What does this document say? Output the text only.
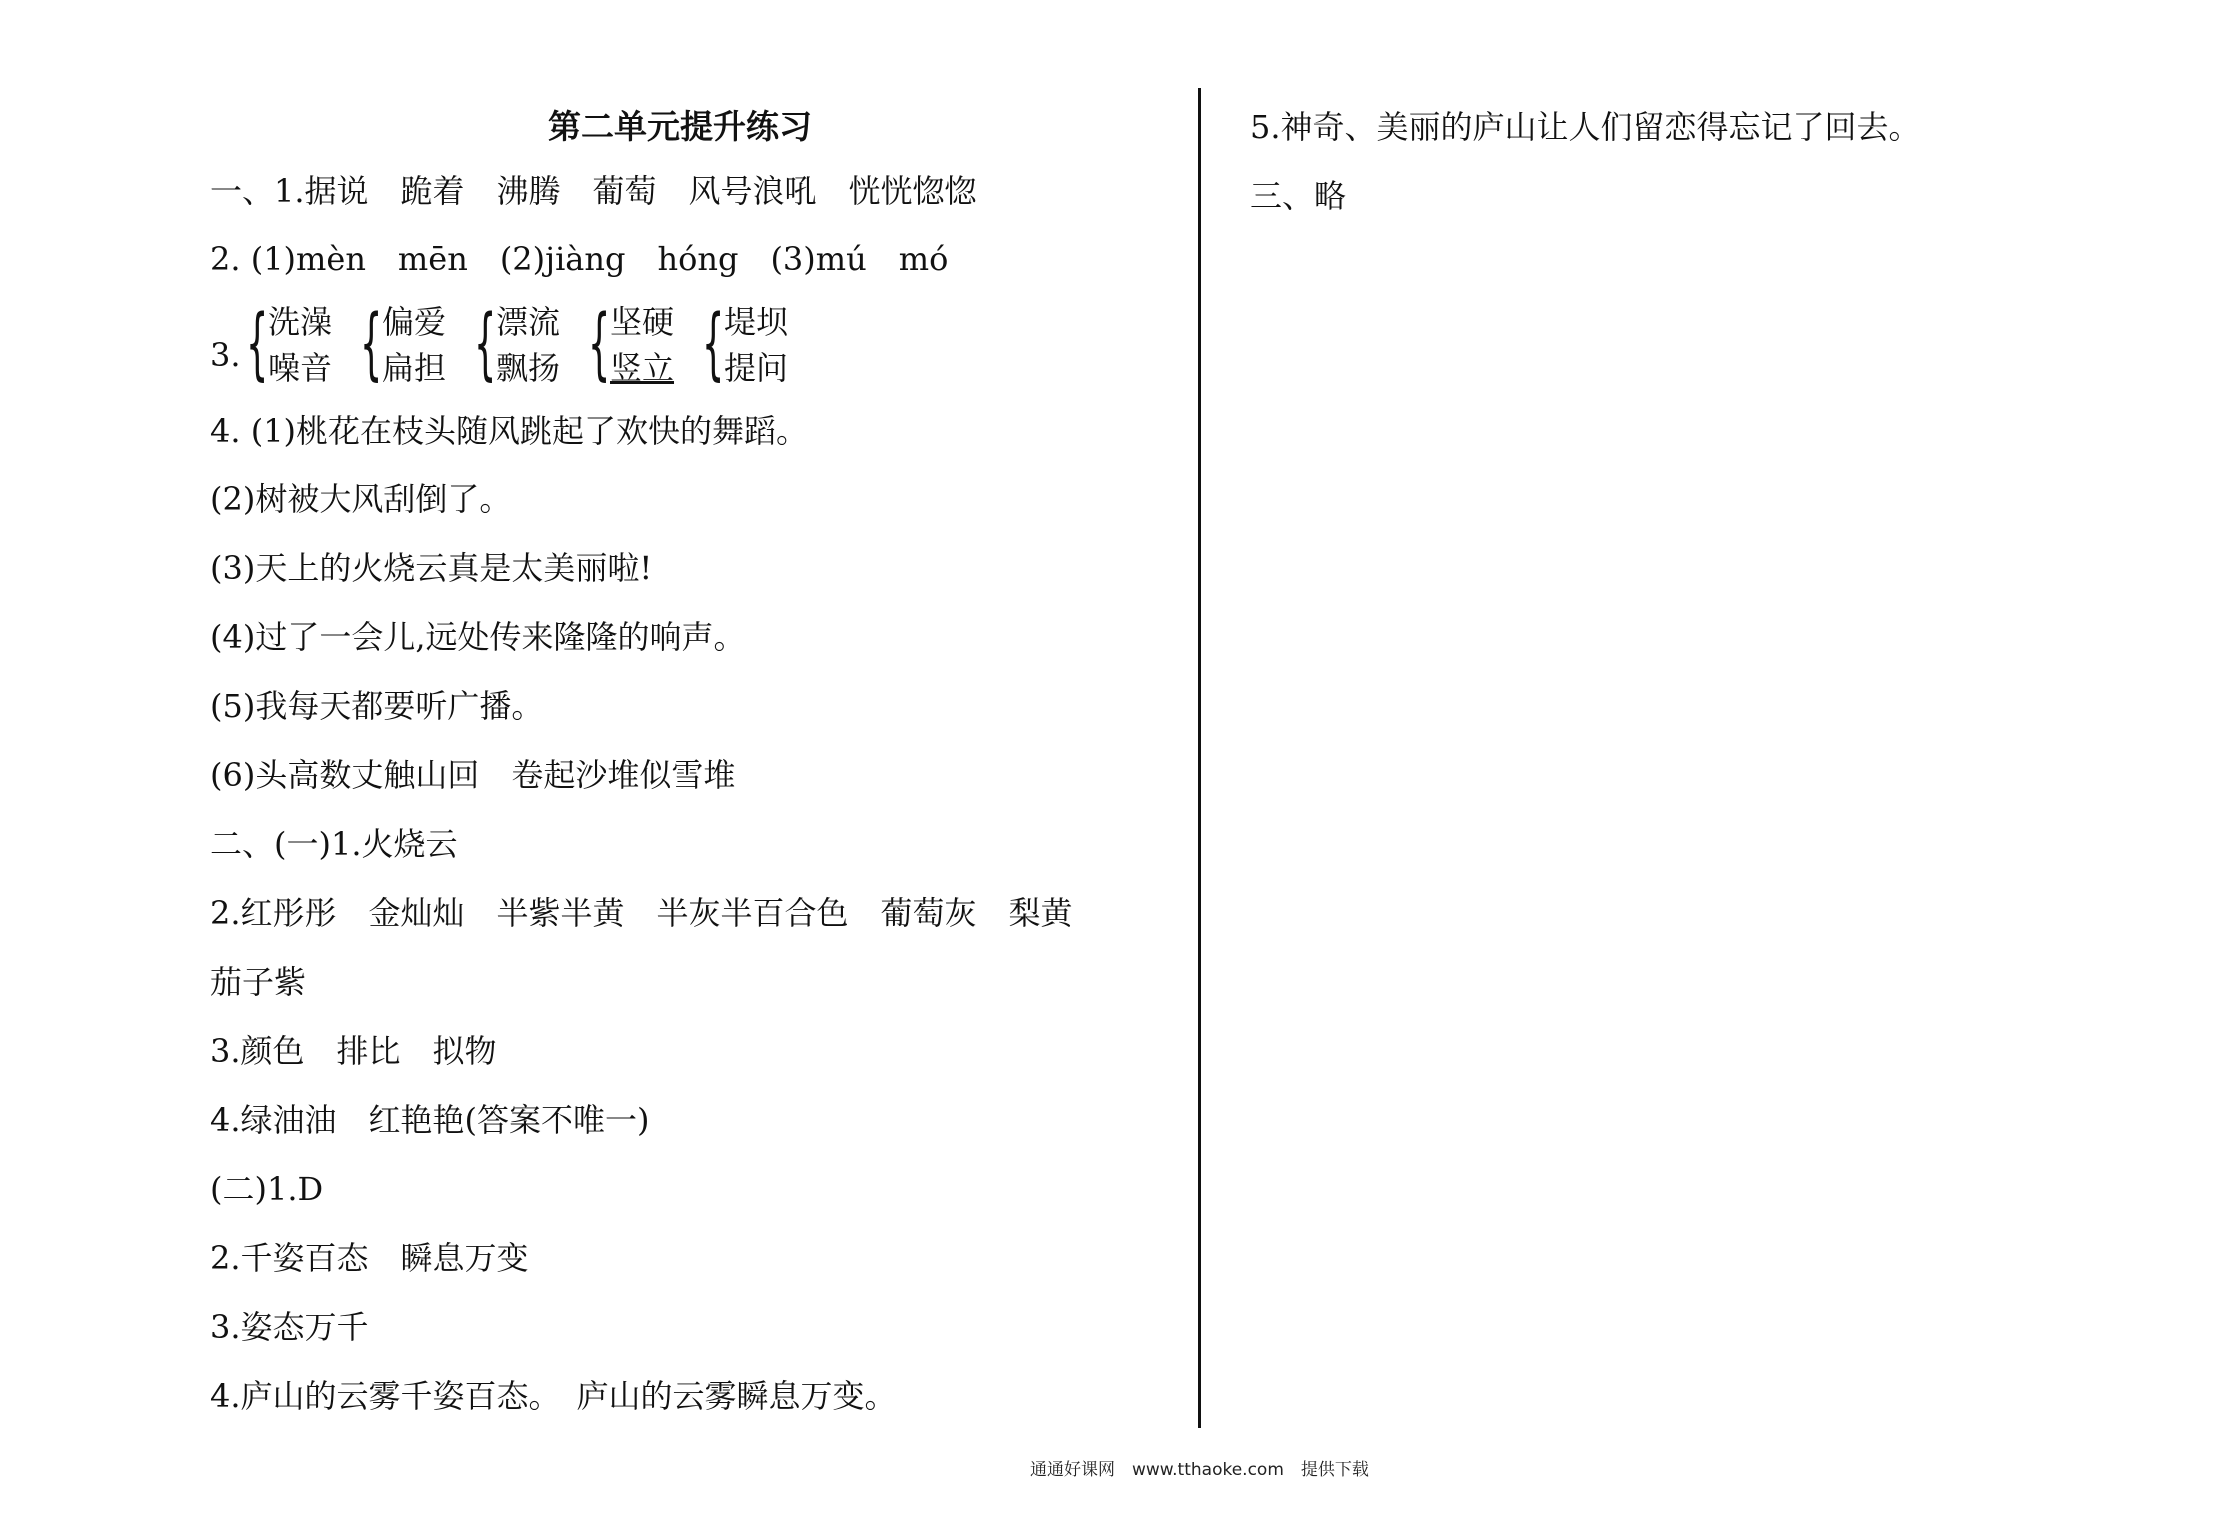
第二单元提升练习
一、1.据说　跪着　沸腾　葡萄　风号浪吼　恍恍惚惚
2. (1)mèn　mēn　(2)jiàng　hóng　(3)mú　mó
3. { 洗澡
噪音 { 偏爱
扁担 { 漂流
飘扬 { 坚硬
竖立 { 堤坝
提问
4. (1)桃花在枝头随风跳起了欢快的舞蹈。
(2)树被大风刮倒了。
(3)天上的火烧云真是太美丽啦!
(4)过了一会儿,远处传来隆隆的响声。
(5)我每天都要听广播。
(6)头高数丈触山回　卷起沙堆似雪堆
二、(一)1.火烧云
2.红彤彤　金灿灿　半紫半黄　半灰半百合色　葡萄灰　梨黄
茄子紫
3.颜色　排比　拟物
4.绿油油　红艳艳(答案不唯一)
(二)1.D
2.千姿百态　瞬息万变
3.姿态万千
4.庐山的云雾千姿百态。　庐山的云雾瞬息万变。
5.神奇、美丽的庐山让人们留恋得忘记了回去。
三、略
通通好课网　www.tthaoke.com　提供下载
